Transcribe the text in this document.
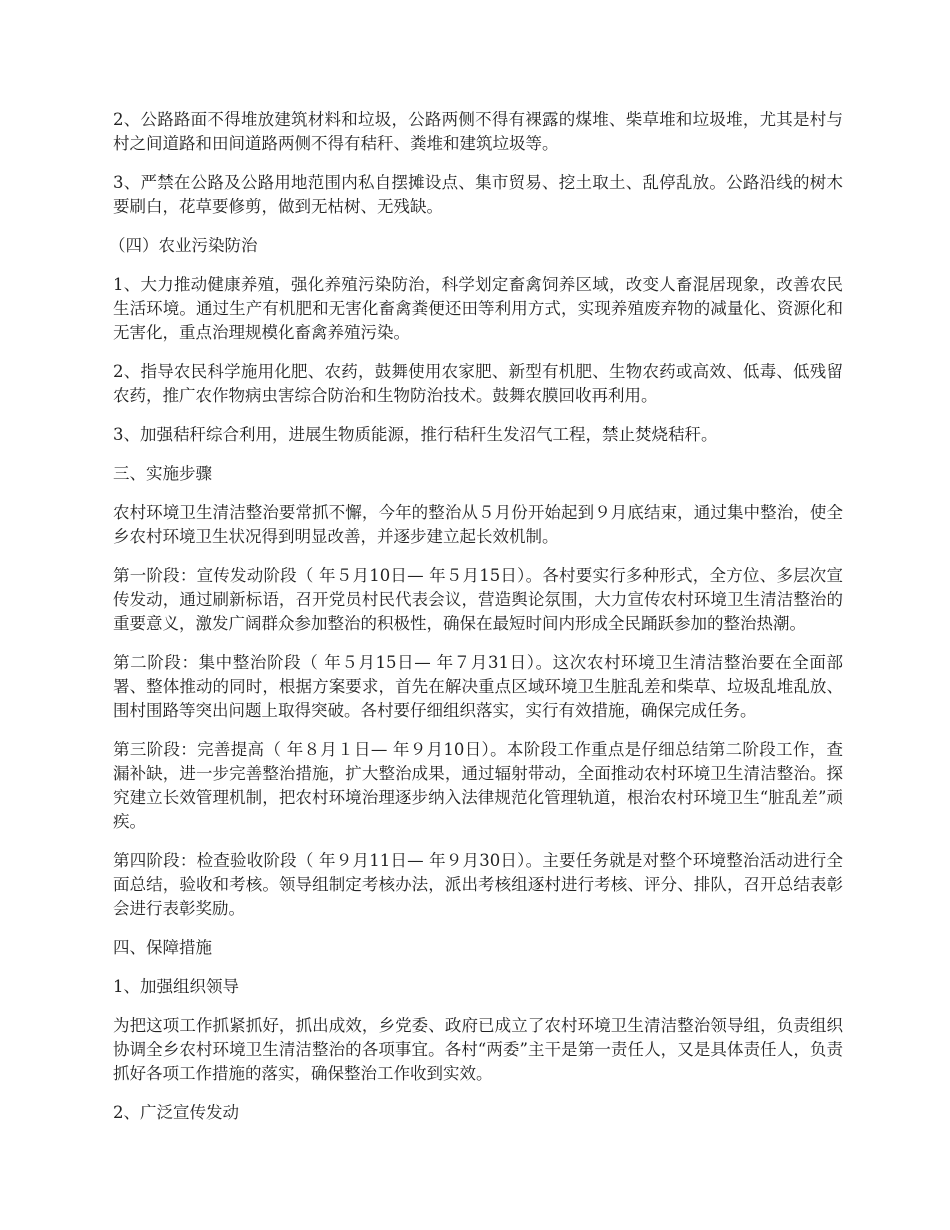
2、公路路面不得堆放建筑材料和垃圾，公路两侧不得有裸露的煤堆、柴草堆和垃圾堆，尤其是村与村之间道路和田间道路两侧不得有秸秆、粪堆和建筑垃圾等。

3、严禁在公路及公路用地范围内私自摆摊设点、集市贸易、挖土取土、乱停乱放。公路沿线的树木要刷白，花草要修剪，做到无枯树、无残缺。

（四）农业污染防治

1、大力推动健康养殖，强化养殖污染防治，科学划定畜禽饲养区域，改变人畜混居现象，改善农民生活环境。通过生产有机肥和无害化畜禽粪便还田等利用方式，实现养殖废弃物的减量化、资源化和无害化，重点治理规模化畜禽养殖污染。

2、指导农民科学施用化肥、农药，鼓舞使用农家肥、新型有机肥、生物农药或高效、低毒、低残留农药，推广农作物病虫害综合防治和生物防治技术。鼓舞农膜回收再利用。

3、加强秸秆综合利用，进展生物质能源，推行秸秆生发沼气工程，禁止焚烧秸秆。

三、实施步骤

农村环境卫生清洁整治要常抓不懈，今年的整治从５月份开始起到９月底结束，通过集中整治，使全乡农村环境卫生状况得到明显改善，并逐步建立起长效机制。

第一阶段：宣传发动阶段（ 年５月10日— 年５月15日）。各村要实行多种形式，全方位、多层次宣传发动，通过刷新标语，召开党员村民代表会议，营造舆论氛围，大力宣传农村环境卫生清洁整治的重要意义，激发广阔群众参加整治的积极性，确保在最短时间内形成全民踊跃参加的整治热潮。

第二阶段：集中整治阶段（ 年５月15日— 年７月31日）。这次农村环境卫生清洁整治要在全面部署、整体推动的同时，根据方案要求，首先在解决重点区域环境卫生脏乱差和柴草、垃圾乱堆乱放、围村围路等突出问题上取得突破。各村要仔细组织落实，实行有效措施，确保完成任务。

第三阶段：完善提高（ 年８月１日— 年９月10日）。本阶段工作重点是仔细总结第二阶段工作，查漏补缺，进一步完善整治措施，扩大整治成果，通过辐射带动，全面推动农村环境卫生清洁整治。探究建立长效管理机制，把农村环境治理逐步纳入法律规范化管理轨道，根治农村环境卫生“脏乱差”顽疾。

第四阶段：检查验收阶段（ 年９月11日— 年９月30日）。主要任务就是对整个环境整治活动进行全面总结，验收和考核。领导组制定考核办法，派出考核组逐村进行考核、评分、排队，召开总结表彰会进行表彰奖励。

四、保障措施

1、加强组织领导

为把这项工作抓紧抓好，抓出成效，乡党委、政府已成立了农村环境卫生清洁整治领导组，负责组织协调全乡农村环境卫生清洁整治的各项事宜。各村“两委”主干是第一责任人，又是具体责任人，负责抓好各项工作措施的落实，确保整治工作收到实效。

2、广泛宣传发动
